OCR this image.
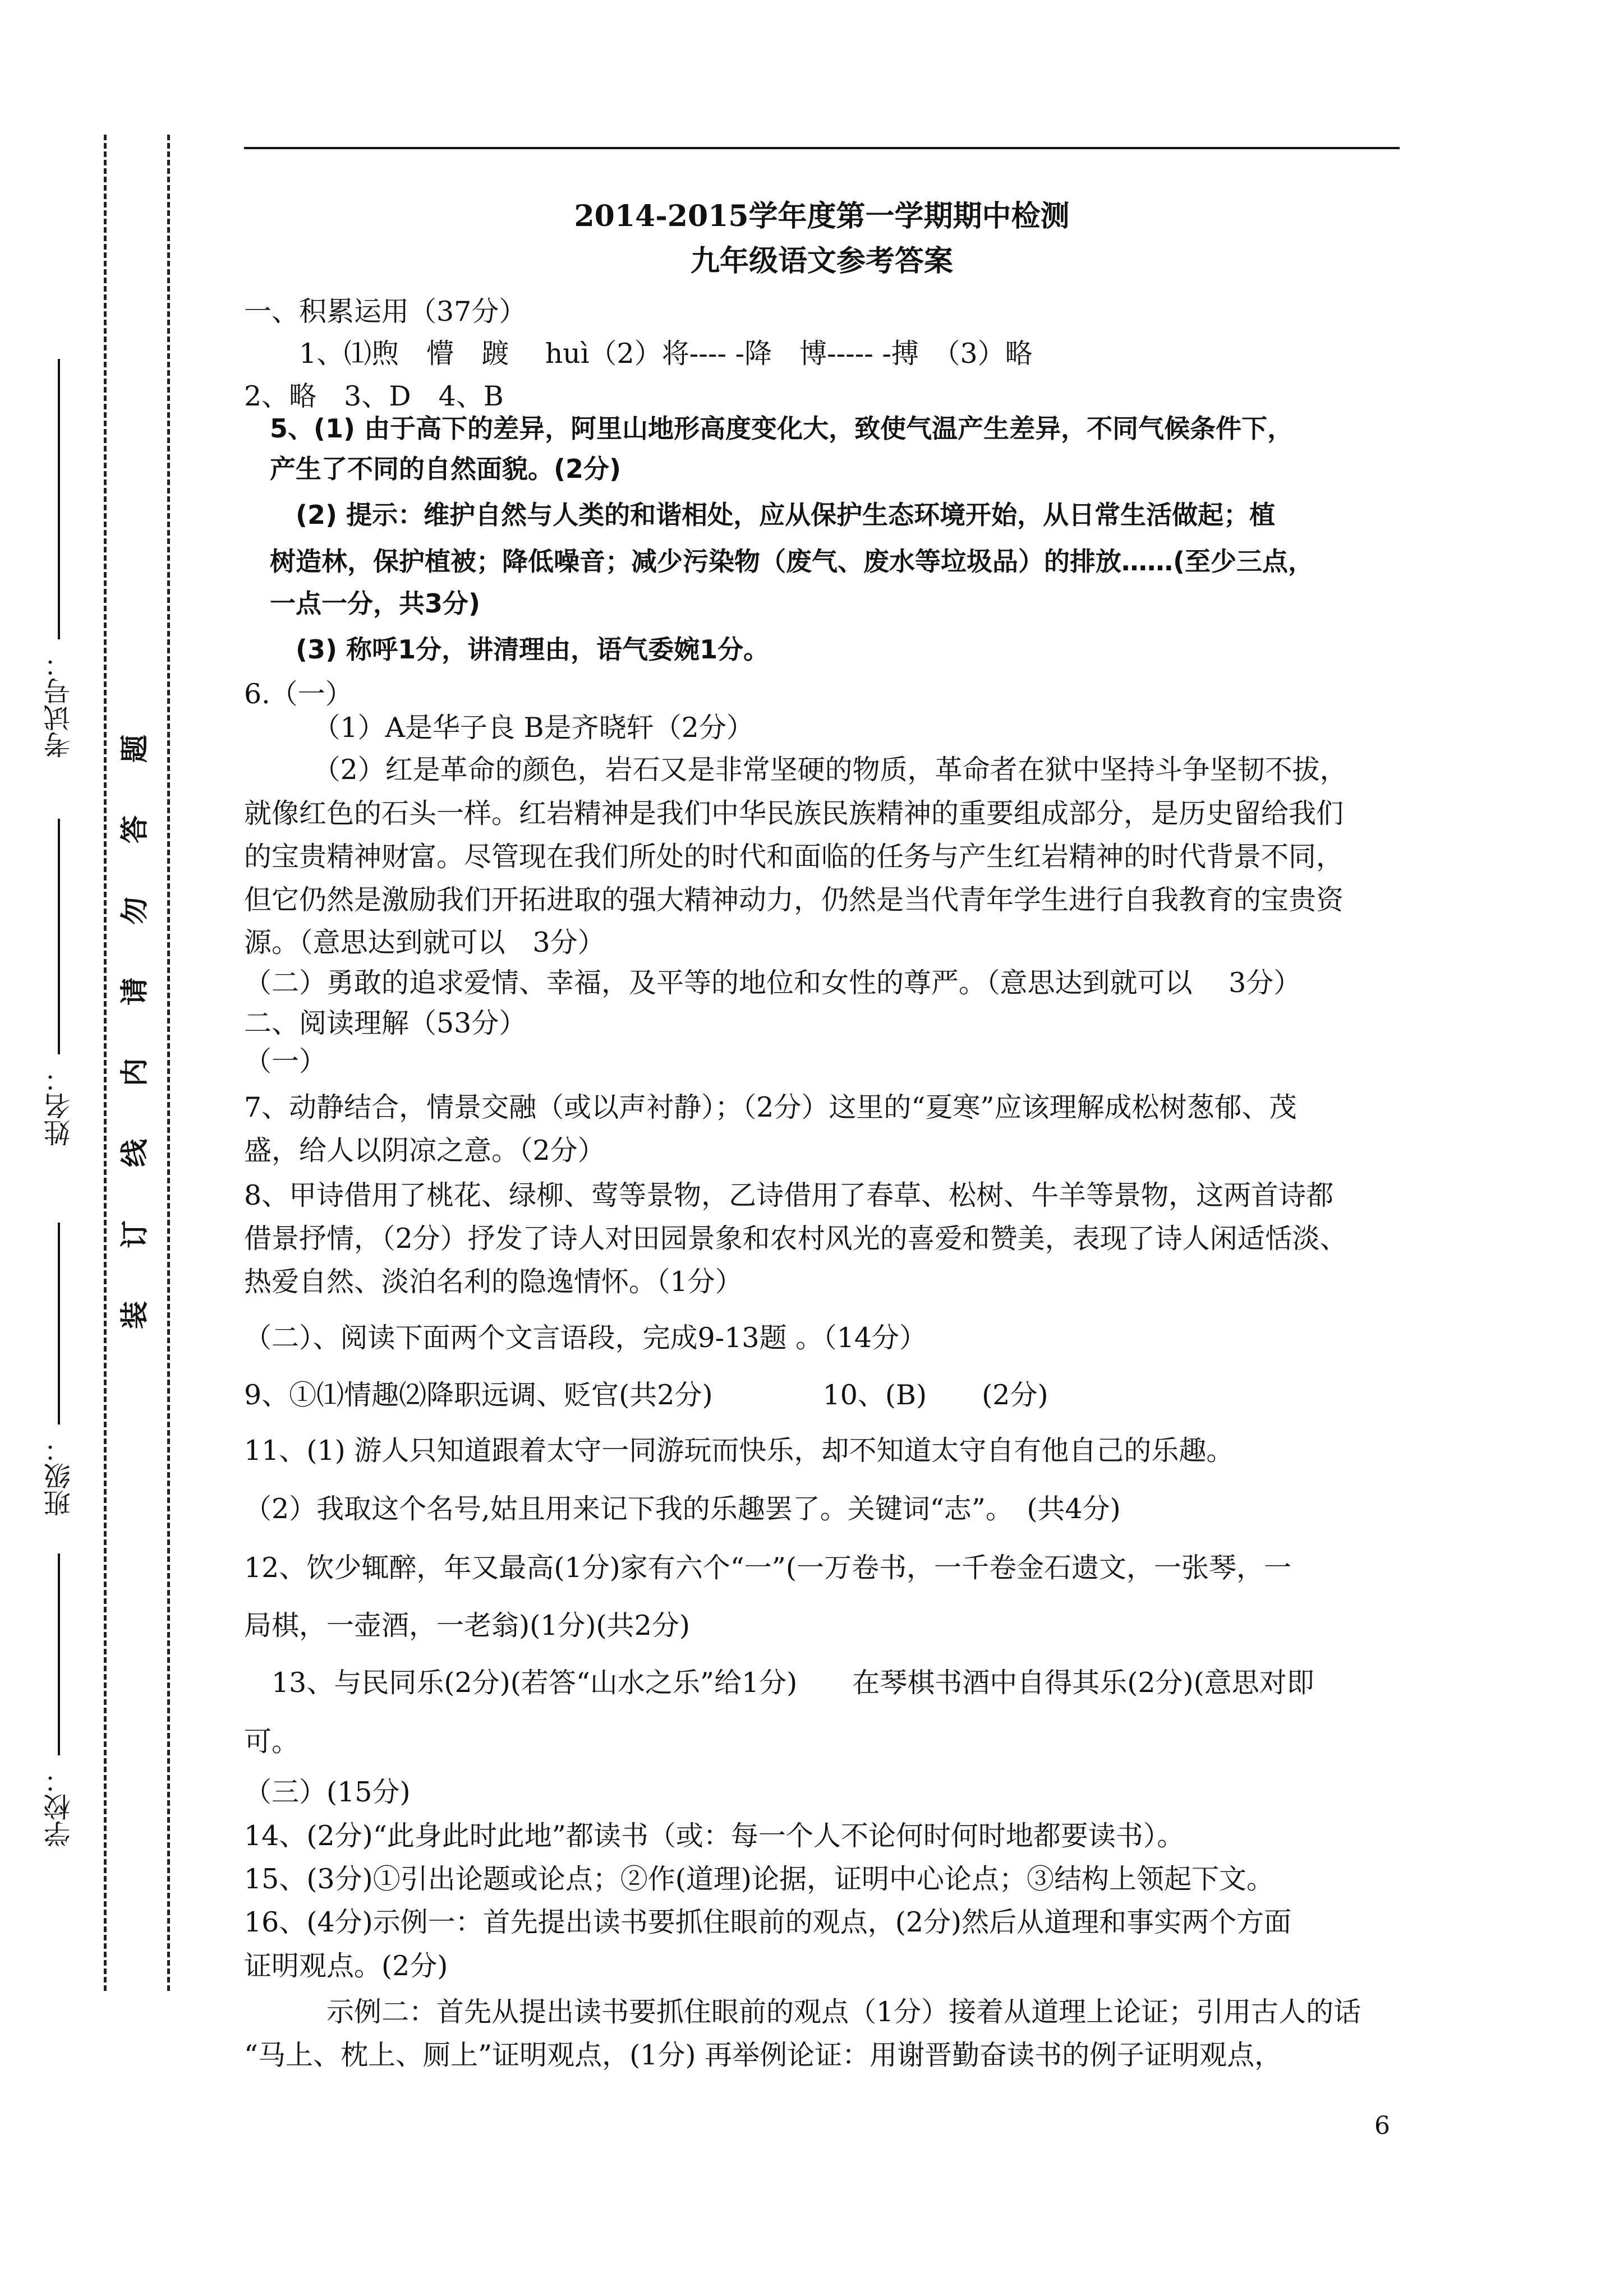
考试号：
姓名：
班级：
学校：
题
答
勿
请
内
线
订
装
2014-2015学年度第一学期期中检测
九年级语文参考答案
一、积累运用（37分）
　　1、⑴煦　懵　踱　 huì（2）将---- -降　博----- -搏　（3）略
2、略　3、D　4、B
　5、(1) 由于高下的差异，阿里山地形高度变化大，致使气温产生差异，不同气候条件下，
　产生了不同的自然面貌。(2分)
　　(2) 提示：维护自然与人类的和谐相处，应从保护生态环境开始，从日常生活做起；植
　树造林，保护植被；降低噪音；减少污染物（废气、废水等垃圾品）的排放……(至少三点，
　一点一分，共3分)
　　(3) 称呼1分，讲清理由，语气委婉1分。
6.（一）
　　　（1）A是华子良 B是齐晓轩（2分）
　　　（2）红是革命的颜色，岩石又是非常坚硬的物质，革命者在狱中坚持斗争坚韧不拔，
就像红色的石头一样。红岩精神是我们中华民族民族精神的重要组成部分，是历史留给我们
的宝贵精神财富。尽管现在我们所处的时代和面临的任务与产生红岩精神的时代背景不同，
但它仍然是激励我们开拓进取的强大精神动力，仍然是当代青年学生进行自我教育的宝贵资
源。（意思达到就可以　3分）
（二）勇敢的追求爱情、幸福，及平等的地位和女性的尊严。（意思达到就可以　 3分）
二、阅读理解（53分）
（一）
7、动静结合，情景交融（或以声衬静）；（2分）这里的“夏寒”应该理解成松树葱郁、茂
盛，给人以阴凉之意。（2分）
8、甲诗借用了桃花、绿柳、莺等景物，乙诗借用了春草、松树、牛羊等景物，这两首诗都
借景抒情，（2分）抒发了诗人对田园景象和农村风光的喜爱和赞美，表现了诗人闲适恬淡、
热爱自然、淡泊名利的隐逸情怀。（1分）
（二）、阅读下面两个文言语段，完成9-13题 。（14分）
9、①⑴情趣⑵降职远调、贬官(共2分)　　　　10、(B)　　(2分)
11、(1) 游人只知道跟着太守一同游玩而快乐，却不知道太守自有他自己的乐趣。
（2）我取这个名号,姑且用来记下我的乐趣罢了。关键词“志”。　(共4分)
12、饮少辄醉，年又最高(1分)家有六个“一”(一万卷书，一千卷金石遗文，一张琴，一
局棋，一壶酒，一老翁)(1分)(共2分)
　13、与民同乐(2分)(若答“山水之乐”给1分)　　在琴棋书酒中自得其乐(2分)(意思对即
可。
（三）(15分)
14、(2分)“此身此时此地”都读书（或：每一个人不论何时何时地都要读书）。
15、(3分)①引出论题或论点；②作(道理)论据，证明中心论点；③结构上领起下文。
16、(4分)示例一：首先提出读书要抓住眼前的观点，(2分)然后从道理和事实两个方面
证明观点。(2分)
　　　示例二：首先从提出读书要抓住眼前的观点（1分）接着从道理上论证；引用古人的话
“马上、枕上、厕上”证明观点，(1分) 再举例论证：用谢晋勤奋读书的例子证明观点，
6
